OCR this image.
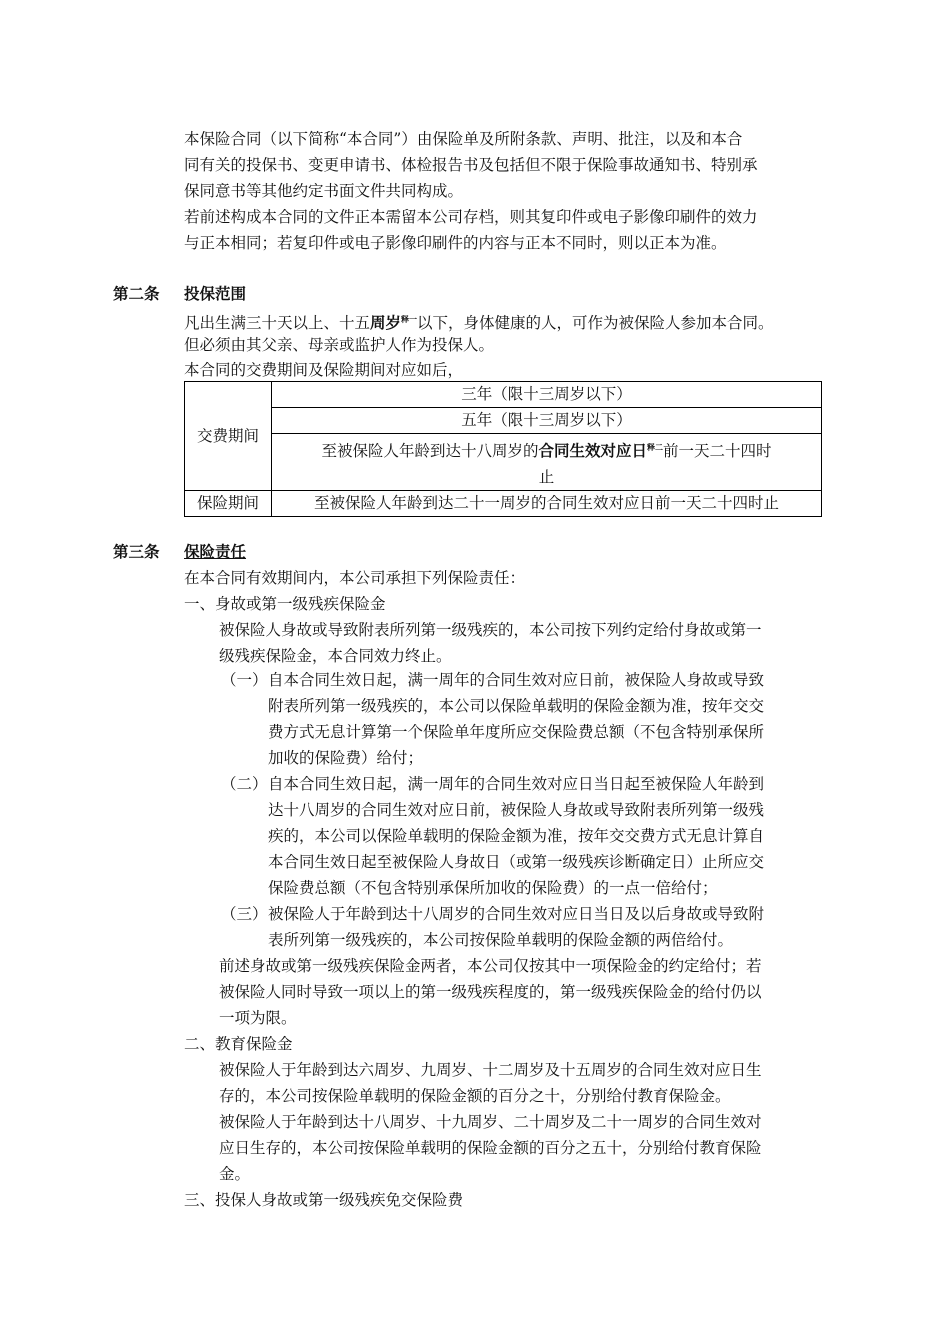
本保险合同（以下简称“本合同”）由保险单及所附条款、声明、批注，以及和本合

同有关的投保书、变更申请书、体检报告书及包括但不限于保险事故通知书、特别承

保同意书等其他约定书面文件共同构成。

若前述构成本合同的文件正本需留本公司存档，则其复印件或电子影像印刷件的效力

与正本相同；若复印件或电子影像印刷件的内容与正本不同时，则以正本为准。

第二条 投保范围

凡出生满三十天以上、十五周岁$^{释一}$以下，身体健康的人，可作为被保险人参加本合同。

但必须由其父亲、母亲或监护人作为投保人。

本合同的交费期间及保险期间对应如后，

交费期间	三年（限十三周岁以下）
	五年（限十三周岁以下）
	至被保险人年龄到达十八周岁的合同生效对应日$^{释二}$前一天二十四时
止
保险期间	至被保险人年龄到达二十一周岁的合同生效对应日前一天二十四时止
第三条 保险责任

在本合同有效期间内，本公司承担下列保险责任：

一、身故或第一级残疾保险金

被保险人身故或导致附表所列第一级残疾的，本公司按下列约定给付身故或第一

级残疾保险金，本合同效力终止。

（一） 自本合同生效日起，满一周年的合同生效对应日前，被保险人身故或导致

附表所列第一级残疾的，本公司以保险单载明的保险金额为准，按年交交

费方式无息计算第一个保险单年度所应交保险费总额（不包含特别承保所

加收的保险费）给付；

（二） 自本合同生效日起，满一周年的合同生效对应日当日起至被保险人年龄到

达十八周岁的合同生效对应日前，被保险人身故或导致附表所列第一级残

疾的，本公司以保险单载明的保险金额为准，按年交交费方式无息计算自

本合同生效日起至被保险人身故日（或第一级残疾诊断确定日）止所应交

保险费总额（不包含特别承保所加收的保险费）的一点一倍给付；

（三） 被保险人于年龄到达十八周岁的合同生效对应日当日及以后身故或导致附

表所列第一级残疾的，本公司按保险单载明的保险金额的两倍给付。

前述身故或第一级残疾保险金两者，本公司仅按其中一项保险金的约定给付；若

被保险人同时导致一项以上的第一级残疾程度的，第一级残疾保险金的给付仍以

一项为限。

二、教育保险金

被保险人于年龄到达六周岁、九周岁、十二周岁及十五周岁的合同生效对应日生

存的，本公司按保险单载明的保险金额的百分之十，分别给付教育保险金。

被保险人于年龄到达十八周岁、十九周岁、二十周岁及二十一周岁的合同生效对

应日生存的，本公司按保险单载明的保险金额的百分之五十，分别给付教育保险

金。

三、投保人身故或第一级残疾免交保险费
